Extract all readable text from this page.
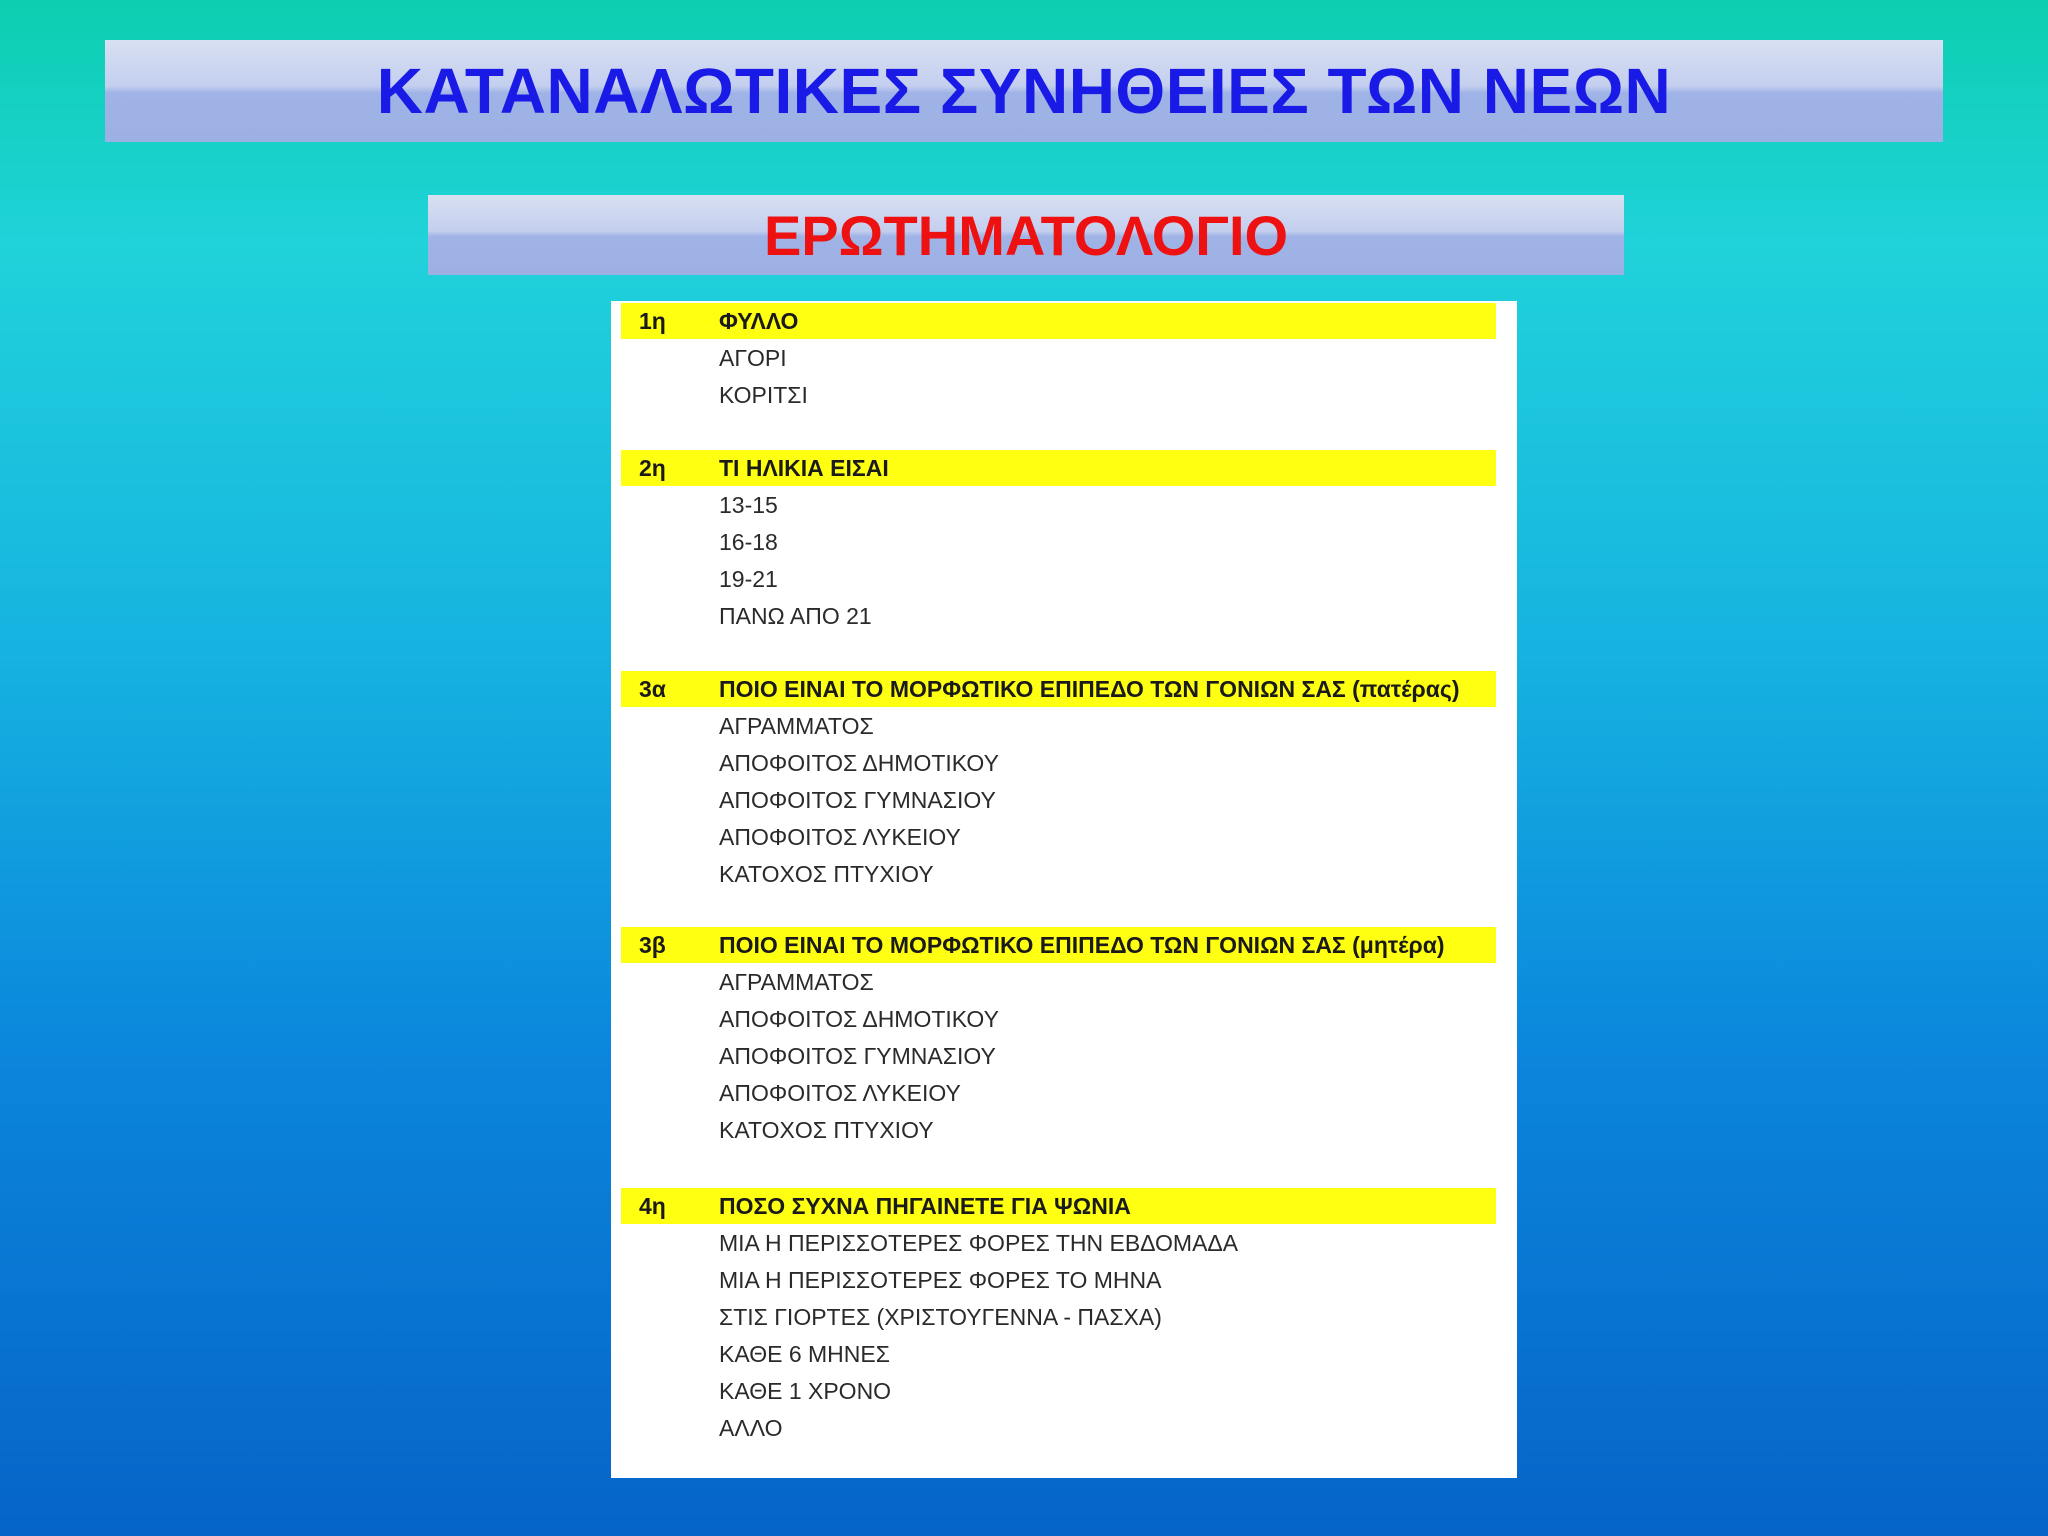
ΚΑΤΑΝΑΛΩΤΙΚΕΣ ΣΥΝΗΘΕΙΕΣ ΤΩΝ ΝΕΩΝ
ΕΡΩΤΗΜΑΤΟΛΟΓΙΟ
1η ΦΥΛΛΟ
ΑΓΟΡΙ
ΚΟΡΙΤΣΙ
2η ΤΙ ΗΛΙΚΙΑ ΕΙΣΑΙ
13-15
16-18
19-21
ΠΑΝΩ ΑΠΟ 21
3α ΠΟΙΟ ΕΙΝΑΙ ΤΟ ΜΟΡΦΩΤΙΚΟ ΕΠΙΠΕΔΟ ΤΩΝ ΓΟΝΙΩΝ ΣΑΣ (πατέρας)
ΑΓΡΑΜΜΑΤΟΣ
ΑΠΟΦΟΙΤΟΣ ΔΗΜΟΤΙΚΟΥ
ΑΠΟΦΟΙΤΟΣ ΓΥΜΝΑΣΙΟΥ
ΑΠΟΦΟΙΤΟΣ ΛΥΚΕΙΟΥ
ΚΑΤΟΧΟΣ ΠΤΥΧΙΟΥ
3β ΠΟΙΟ ΕΙΝΑΙ ΤΟ ΜΟΡΦΩΤΙΚΟ ΕΠΙΠΕΔΟ ΤΩΝ ΓΟΝΙΩΝ ΣΑΣ (μητέρα)
ΑΓΡΑΜΜΑΤΟΣ
ΑΠΟΦΟΙΤΟΣ ΔΗΜΟΤΙΚΟΥ
ΑΠΟΦΟΙΤΟΣ ΓΥΜΝΑΣΙΟΥ
ΑΠΟΦΟΙΤΟΣ ΛΥΚΕΙΟΥ
ΚΑΤΟΧΟΣ ΠΤΥΧΙΟΥ
4η ΠΟΣΟ ΣΥΧΝΑ ΠΗΓΑΙΝΕΤΕ ΓΙΑ ΨΩΝΙΑ
ΜΙΑ Η ΠΕΡΙΣΣΟΤΕΡΕΣ ΦΟΡΕΣ ΤΗΝ ΕΒΔΟΜΑΔΑ
ΜΙΑ Η ΠΕΡΙΣΣΟΤΕΡΕΣ ΦΟΡΕΣ ΤΟ ΜΗΝΑ
ΣΤΙΣ ΓΙΟΡΤΕΣ (ΧΡΙΣΤΟΥΓΕΝΝΑ - ΠΑΣΧΑ)
ΚΑΘΕ 6 ΜΗΝΕΣ
ΚΑΘΕ 1 ΧΡΟΝΟ
ΑΛΛΟ
